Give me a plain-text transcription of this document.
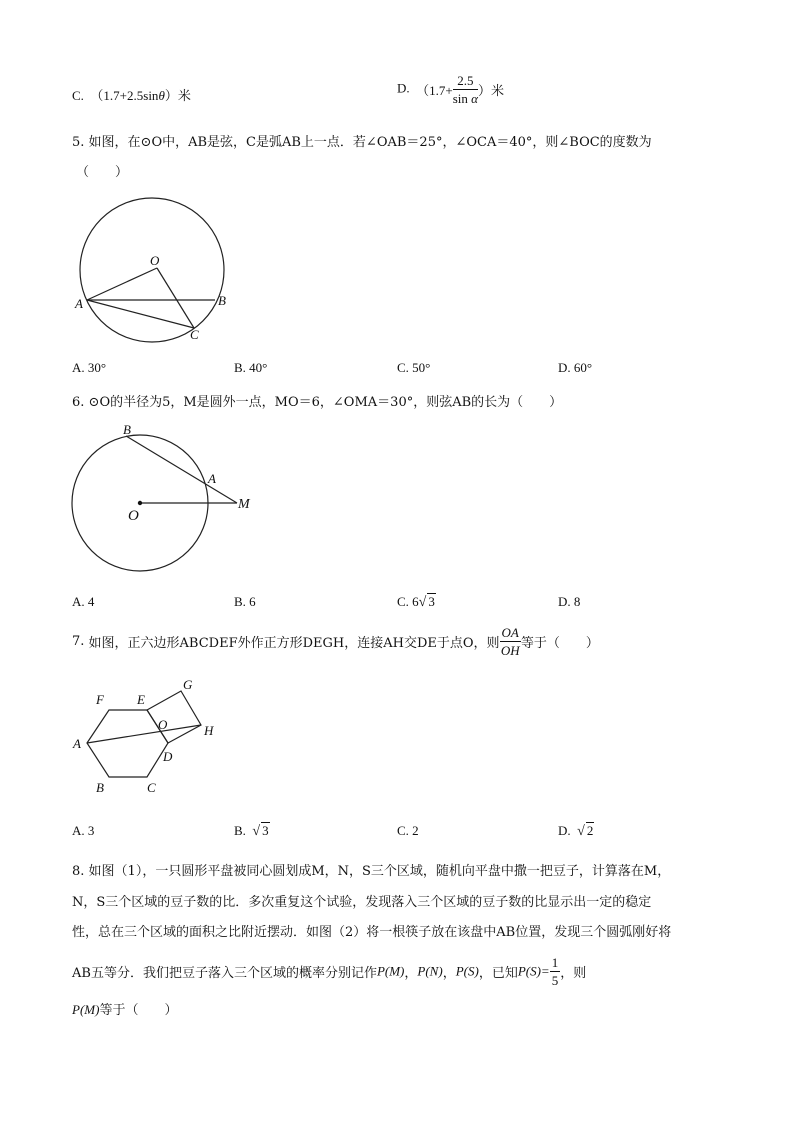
C. （1.7+2.5sinθ）米
D. （$1.7+ \frac{2.5}{\text{sin α}}$ ）米
5. 如图，在⊙O中，AB是弦，C是弧AB上一点．若∠OAB＝25°，∠OCA＝40°，则∠BOC的度数为
（　　）
O
A	B
C
B
A
O
M
F	E
G
O	H
A
D
B	C
A. 30°	B. 40°	C. 50°	D. 60°
6. ⊙O的半径为5，M是圆外一点，MO＝6，∠OMA＝30°，则弦AB的长为（　　）
A. 4	B. 6	C. 6√ 3	D. 8
7. 如图，正六边形ABCDEF外作正方形DEGH，连接AH交DE于点O，则 $\frac{OA}{OH}$ 等于（　　）
A. 3	B. √ 3	C. 2	D. √ 2
8. 如图（1），一只圆形平盘被同心圆划成M，N，S三个区域，随机向平盘中撒一把豆子，计算落在M，
N，S三个区域的豆子数的比．多次重复这个试验，发现落入三个区域的豆子数的比显示出一定的稳定
性，总在三个区域的面积之比附近摆动．如图（2）将一根筷子放在该盘中AB位置，发现三个圆弧刚好将
AB五等分．我们把豆子落入三个区域的概率分别记作P(M)，P(N)，P(S)，已知$P(S)= \frac{1}{5}$ ，则
P(M)等于（　　）
